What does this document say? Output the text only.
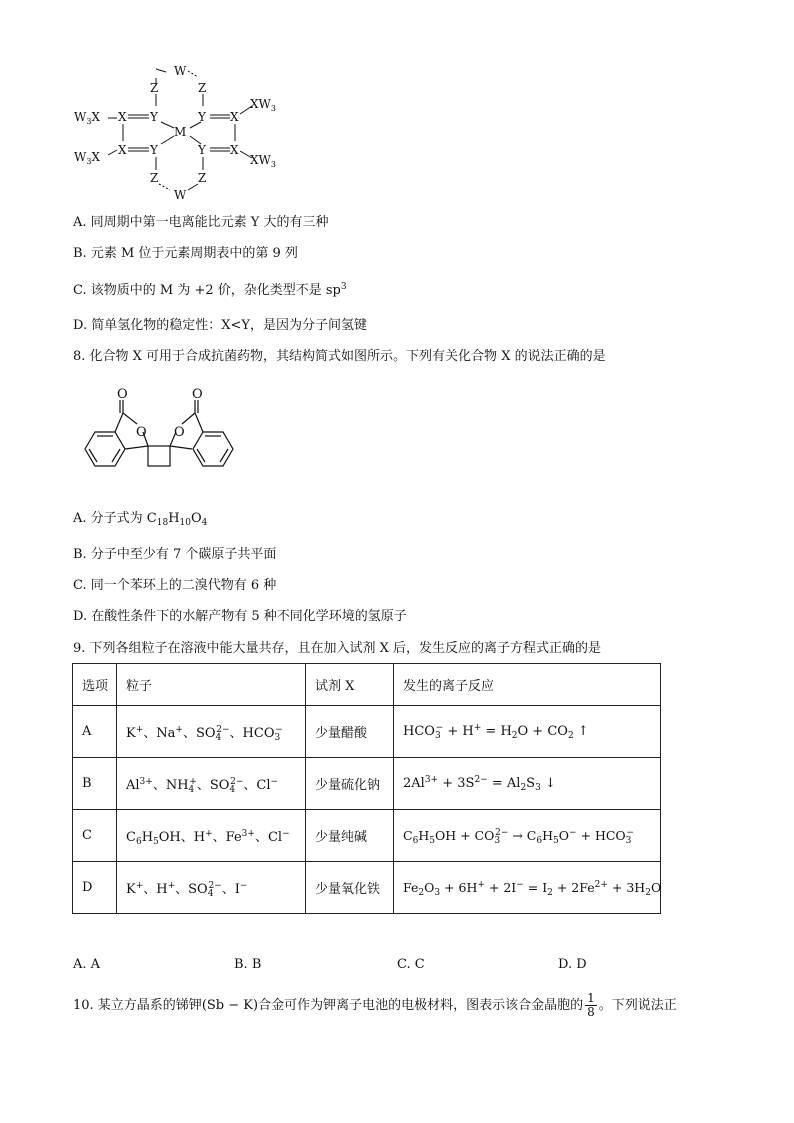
W
Z	Z
Y	Y
M
Y	Y
X	X
X	X
Z	Z
W
$W_3X$
$W_3X$
$XW_3$
$XW_3$
A. 同周期中第一电离能比元素 Y 大的有三种
B. 元素 M 位于元素周期表中的第 9 列
C. 该物质中的 M 为 +2 价，杂化类型不是 $sp^3$
D. 简单氢化物的稳定性：X<Y，是因为分子间氢键
8. 化合物 X 可用于合成抗菌药物，其结构简式如图所示。下列有关化合物 X 的说法正确的是
O
O O
O
A. 分子式为 $C_{18}H_{10}O_4$
B. 分子中至少有 7 个碳原子共平面
C. 同一个苯环上的二溴代物有 6 种
D. 在酸性条件下的水解产物有 5 种不同化学环境的氢原子
9. 下列各组粒子在溶液中能大量共存，且在加入试剂 X 后，发生反应的离子方程式正确的是
选项	粒子	试剂 X	发生的离子反应
A	K+、Na+、$SO_4^{2-}$、$HCO_3^-$	少量醋酸	$HCO_3^- + H^+ = H_2O + CO_2$ ↑
B	$Al^{3+}$、$NH_4^+$、$SO_4^{2-}$、Cl−	少量硫化钠	$2Al^{3+} + 3S^{2-} = Al_2S_3$ ↓
C	$C_6H_5OH$、H+、$Fe^{3+}$、Cl−	少量纯碱	$C_6H_5OH + CO_3^{2-} \to C_6H_5O^- + HCO_3^-$
D	K+、H+、$SO_4^{2-}$、I−	少量氧化铁	$Fe_2O_3 + 6H^+ + 2I^- = I_2 + 2Fe^{2+} + 3H_2O$
A. A	B. B	C. C	D. D
10. 某立方晶系的锑钾(Sb − K)合金可作为钾离子电池的电极材料，图表示该合金晶胞的 $\frac{1}{8}$ 。下列说法正
